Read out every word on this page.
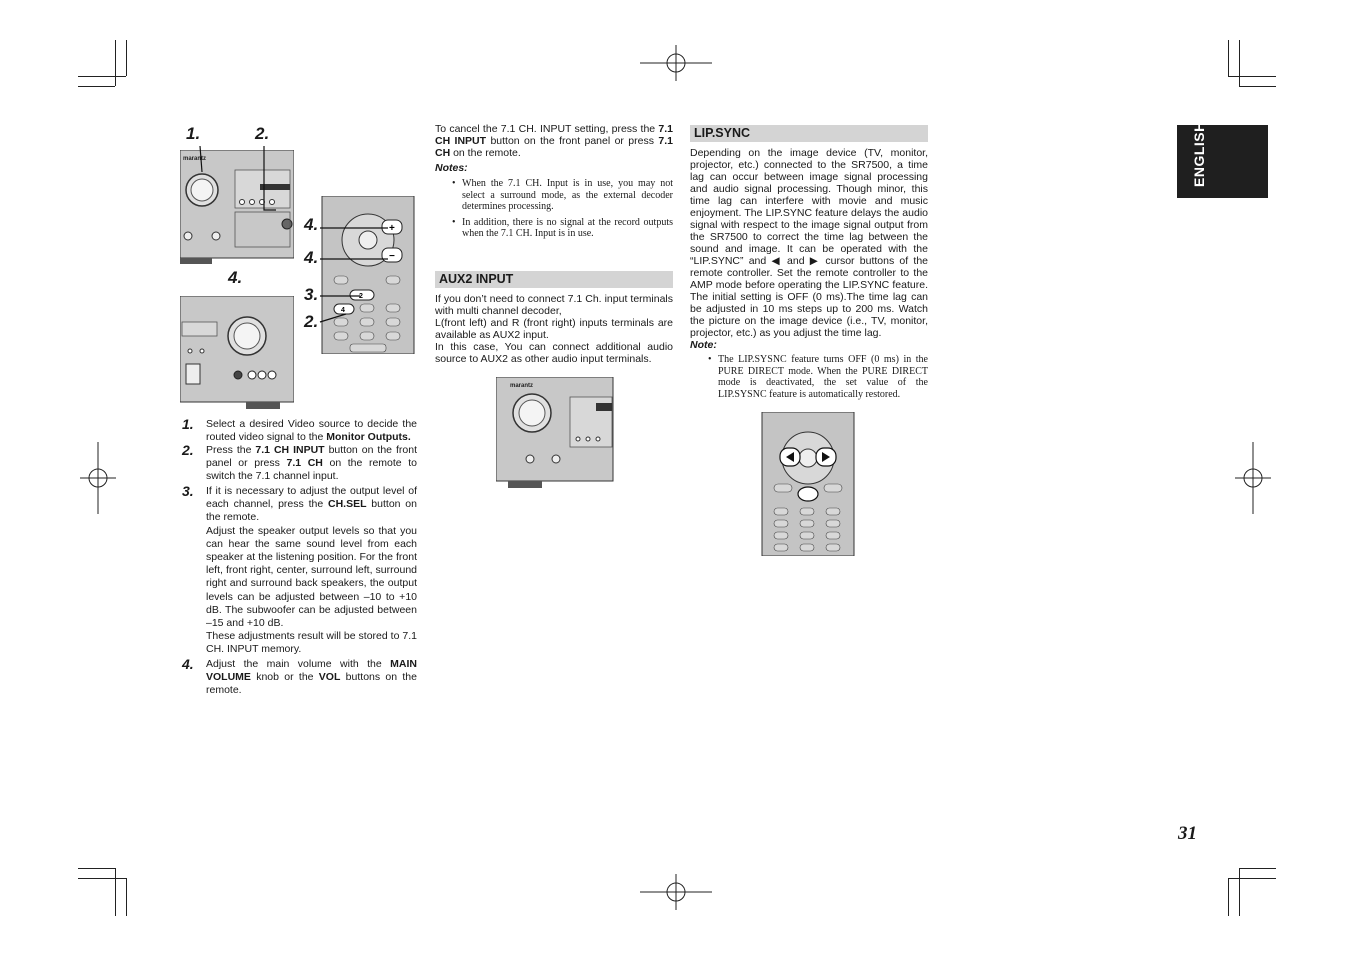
ENGLISH
marantz
+
−
2
4
1.	2.
4.
4.
4.
3.
2.
1. Select a desired Video source to decide the routed video signal to the Monitor Outputs.
2. Press the 7.1 CH INPUT button on the front panel or press 7.1 CH on the remote to switch the 7.1 channel input.
3. If it is necessary to adjust the output level of each channel, press the CH.SEL button on the remote.
Adjust the speaker output levels so that you can hear the same sound level from each speaker at the listening position. For the front left, front right, center, surround left, surround right and surround back speakers, the output levels can be adjusted between –10 to +10 dB. The subwoofer can be adjusted between –15 and +10 dB.
These adjustments result will be stored to 7.1 CH. INPUT memory.
4. Adjust the main volume with the MAIN VOLUME knob or the VOL buttons on the remote.
To cancel the 7.1 CH. INPUT setting, press the 7.1 CH INPUT button on the front panel or press 7.1 CH on the remote.
Notes:
• When the 7.1 CH. Input is in use, you may not select a surround mode, as the external decoder determines processing.
• In addition, there is no signal at the record outputs when the 7.1 CH. Input is in use.
AUX2 INPUT
If you don’t need to connect 7.1 Ch. input terminals with multi channel decoder,
L(front left) and R (front right) inputs terminals are available as AUX2 input.
In this case, You can connect additional audio source to AUX2 as other audio input terminals.
marantz
LIP.SYNC
Depending on the image device (TV, monitor, projector, etc.) connected to the SR7500, a time lag can occur between image signal processing and audio signal processing. Though minor, this time lag can interfere with movie and music enjoyment. The LIP.SYNC feature delays the audio signal with respect to the image signal output from the SR7500 to correct the time lag between the sound and image. It can be operated with the “LIP.SYNC” and ◀ and ▶ cursor buttons of the remote controller. Set the remote controller to the AMP mode before operating the LIP.SYNC feature. The initial setting is OFF (0 ms).The time lag can be adjusted in 10 ms steps up to 200 ms. Watch the picture on the image device (i.e., TV, monitor, projector, etc.) as you adjust the time lag.
Note:
• The LIP.SYSNC feature turns OFF (0 ms) in the PURE DIRECT mode. When the PURE DIRECT mode is deactivated, the set value of the LIP.SYSNC feature is automatically restored.
31
